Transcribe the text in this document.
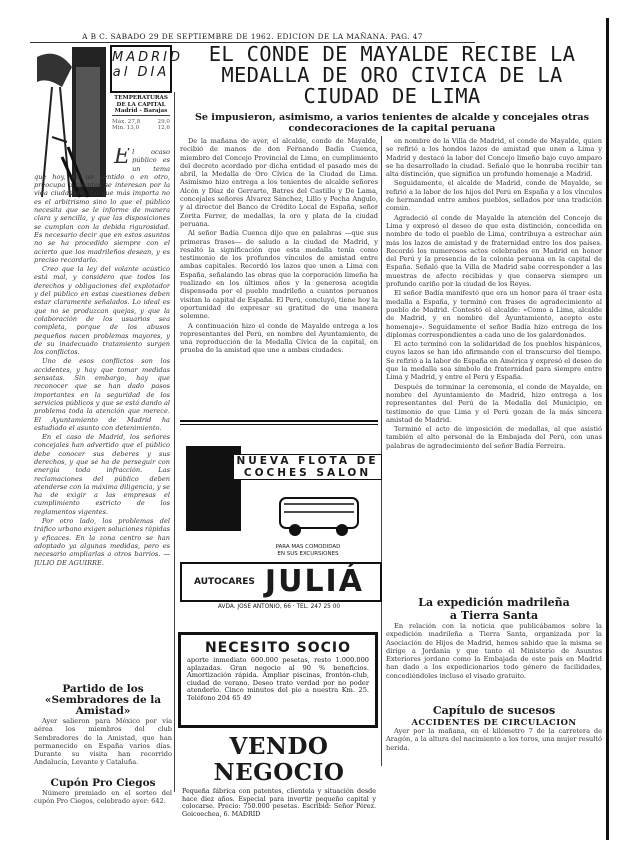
A B C. SABADO 29 DE SEPTIEMBRE DE 1962. EDICION DE LA MAÑANA. PAG. 47
MADRID
al DIA
TEMPERATURAS DE LA CAPITAL
Madrid - Barajas
Máx. 27,8	29,0
Mín. 13,0	12,6
EL CONDE DE MAYALDE RECIBE LA MEDALLA DE ORO CIVICA DE LA CIUDAD DE LIMA
Se impusieron, asimismo, a varios tenientes de alcalde y concejales otras condecoraciones de la capital peruana
E l ocaso público es un tema que hoy, en un sentido o en otro, preocupa a cuantos se interesan por la vida ciudadana. Lo que más importa no es el arbitrismo sino lo que el público necesita que se le informe de manera clara y sencilla, y que las disposiciones se cumplan con la debida rigurosidad. Es necesario decir que en estos asuntos no se ha procedido siempre con el acierto que los madrileños desean, y es preciso recordarlo.

Creo que la ley del volante acústico está mal, y considero que todos los derechos y obligaciones del explotador y del público en estas cuestiones deben estar claramente señalados. Lo ideal es que no se produzcan quejas, y que la colaboración de los usuarios sea completa, porque de los abusos pequeños nacen problemas mayores, y de su inadecuado tratamiento surgen los conflictos.

Uno de esos conflictos son los accidentes, y hay que tomar medidas sensatas. Sin embargo, hay que reconocer que se han dado pasos importantes en la seguridad de los servicios públicos y que se está dando al problema toda la atención que merece. El Ayuntamiento de Madrid ha estudiado el asunto con detenimiento.

En el caso de Madrid, los señores concejales han advertido que el público debe conocer sus deberes y sus derechos, y que se ha de perseguir con energía toda infracción. Las reclamaciones del público deben atenderse con la máxima diligencia, y se ha de exigir a las empresas el cumplimiento estricto de los reglamentos vigentes.

Por otro lado, los problemas del tráfico urbano exigen soluciones rápidas y eficaces. En la zona centro se han adoptado ya algunas medidas, pero es necesario ampliarlas a otros barrios. —JULIO DE AGUIRRE.

Partido de los «Sembradores de la Amistad»
Ayer salieron para México por vía aérea los miembros del club Sembradores de la Amistad, que han permanecido en España varios días. Durante su visita han recorrido Andalucía, Levante y Cataluña.
Cupón Pro Ciegos
Número premiado en el sorteo del cupón Pro Ciegos, celebrado ayer: 642.

De la mañana de ayer, el alcalde, conde de Mayalde, recibió de manos de don Fernando Badía Cuenca, miembro del Concejo Provincial de Lima, en cumplimiento del decreto acordado por dicha entidad el pasado mes de abril, la Medalla de Oro Cívica de la Ciudad de Lima. Asimismo hizo entrega a los tenientes de alcalde señores Alcón y Díaz de Gerrarte, Batres del Castillo y De Lama, concejales señores Álvarez Sánchez, Lillo y Pecha Angulo, y al director del Banco de Crédito Local de España, señor Zorita Ferrer, de medallas, la oro y plata de la ciudad peruana.

Al señor Badía Cuenca dijo que en palabras —que sus primeras frases— de saludo a la ciudad de Madrid, y resaltó la significación que esta medalla tenía como testimonio de los profundos vínculos de amistad entre ambas capitales. Recordó los lazos que unen a Lima con España, señalando las obras que la corporación limeña ha realizado en los últimos años y la generosa acogida dispensada por el pueblo madrileño a cuantos peruanos visitan la capital de España. El Perú, concluyó, tiene hoy la oportunidad de expresar su gratitud de una manera solemne.

A continuación hizo el conde de Mayalde entrega a los representantes del Perú, en nombre del Ayuntamiento, de una reproducción de la Medalla Cívica de la capital, en prueba de la amistad que une a ambas ciudades.

NUEVA FLOTA DE
COCHES SALON
PARA MAS COMODIDAD
EN SUS EXCURSIONES
AUTOCARES JULIÁ
AVDA. JOSE ANTONIO, 66 · TEL. 247 25 00
NECESITO SOCIO
aporte inmediato 600.000 pesetas, resto 1.000.000 aplazadas. Gran negocio al 90 % beneficios. Amortización rápida. Ampliar piscinas, frontón-club, ciudad de verano. Deseo trato verdad por no poder atenderlo. Cinco minutos del pie a nuestra Km. 25. Teléfono 204 65 49
VENDO NEGOCIO
Pequeña fábrica con patentes, clientela y situación desde hace diez años. Especial para invertir pequeño capital y colocarse. Precio: 750.000 pesetas. Escribid: Señor Pérez. Goicoechea, 6. MADRID

en nombre de la Villa de Madrid, el conde de Mayalde, quien se refirió a los hondos lazos de amistad que unen a Lima y Madrid y destacó la labor del Concejo limeño bajo cuyo amparo se ha desarrollado la ciudad. Señaló que le honraba recibir tan alta distinción, que significa un profundo homenaje a Madrid.

Seguidamente, el alcalde de Madrid, conde de Mayalde, se refirió a la labor de los hijos del Perú en España y a los vínculos de hermandad entre ambos pueblos, sellados por una tradición común.

Agradeció el conde de Mayalde la atención del Concejo de Lima y expresó el deseo de que esta distinción, concedida en nombre de todo el pueblo de Lima, contribuya a estrechar aún más los lazos de amistad y de fraternidad entre los dos países. Recordó los numerosos actos celebrados en Madrid en honor del Perú y la presencia de la colonia peruana en la capital de España. Señaló que la Villa de Madrid sabe corresponder a las muestras de afecto recibidas y que conserva siempre un profundo cariño por la ciudad de los Reyes.

El señor Badía manifestó que era un honor para él traer esta medalla a España, y terminó con frases de agradecimiento al pueblo de Madrid. Contestó el alcalde: «Como a Lima, alcalde de Madrid, y en nombre del Ayuntamiento, acepto este homenaje». Seguidamente el señor Badía hizo entrega de los diplomas correspondientes a cada uno de los galardonados.

El acto terminó con la solidaridad de los pueblos hispánicos, cuyos lazos se han ido afirmando con el transcurso del tiempo. Se refirió a la labor de España en América y expresó el deseo de que la medalla sea símbolo de fraternidad para siempre entre Lima y Madrid, y entre el Perú y España.

Después de terminar la ceremonia, el conde de Mayalde, en nombre del Ayuntamiento de Madrid, hizo entrega a los representantes del Perú de la Medalla del Municipio, en testimonio de que Lima y el Perú gozan de la más sincera amistad de Madrid.

Terminó el acto de imposición de medallas, al que asistió también el alto personal de la Embajada del Perú, con unas palabras de agradecimiento del señor Badía Ferreira.

La expedición madrileña a Tierra Santa
En relación con la noticia que publicábamos sobre la expedición madrileña a Tierra Santa, organizada por la Asociación de Hijos de Madrid, hemos sabido que la misma se dirige a Jordania y que tanto el Ministerio de Asuntos Exteriores jordano como la Embajada de este país en Madrid han dado a los expedicionarios todo género de facilidades, concediéndoles incluso el visado gratuito.
Capítulo de sucesos
ACCIDENTES DE CIRCULACION
Ayer por la mañana, en el kilómetro 7 de la carretera de Aragón, a la altura del nacimiento a los toros, una mujer resultó herida.
